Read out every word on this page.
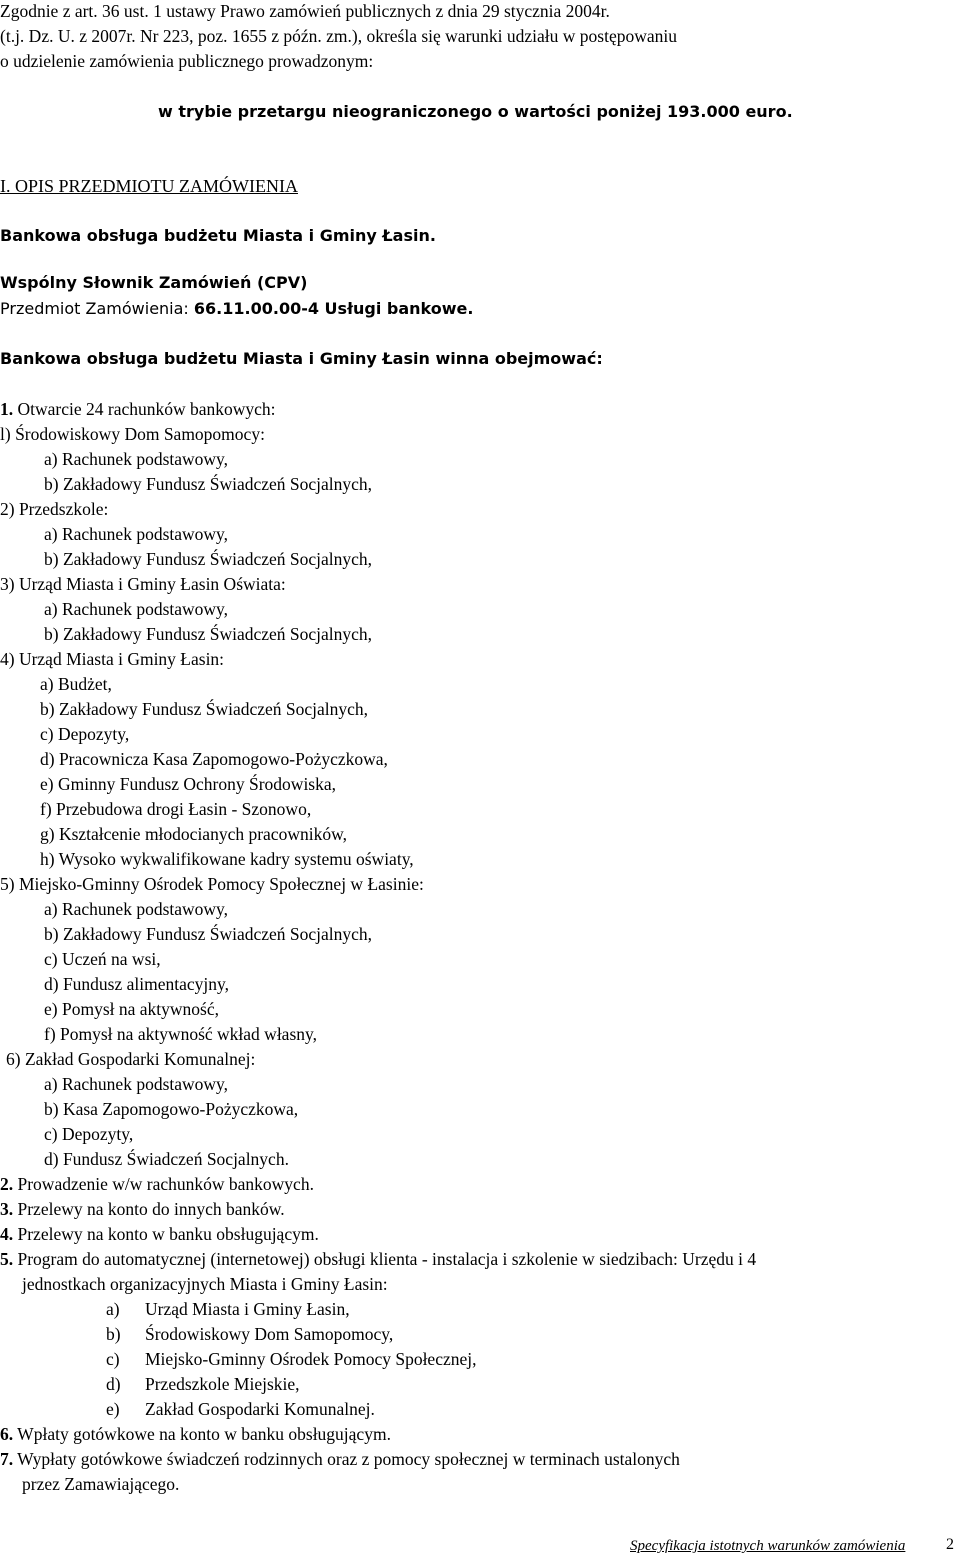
Zgodnie z art. 36 ust. 1 ustawy Prawo zamówień publicznych z dnia 29 stycznia 2004r.
(t.j. Dz. U. z 2007r. Nr 223, poz. 1655 z późn. zm.), określa się warunki udziału w postępowaniu
o udzielenie zamówienia publicznego prowadzonym:
w trybie przetargu nieograniczonego o wartości poniżej 193.000 euro.
I. OPIS PRZEDMIOTU ZAMÓWIENIA
Bankowa obsługa budżetu Miasta i Gminy Łasin.
Wspólny Słownik Zamówień (CPV)
Przedmiot Zamówienia: 66.11.00.00-4 Usługi bankowe.
Bankowa obsługa budżetu Miasta i Gminy Łasin winna obejmować:
1. Otwarcie 24 rachunków bankowych:
l) Środowiskowy Dom Samopomocy:
a) Rachunek podstawowy,
b) Zakładowy Fundusz Świadczeń Socjalnych,
2) Przedszkole:
a) Rachunek podstawowy,
b) Zakładowy Fundusz Świadczeń Socjalnych,
3) Urząd Miasta i Gminy Łasin Oświata:
a) Rachunek podstawowy,
b) Zakładowy Fundusz Świadczeń Socjalnych,
4) Urząd Miasta i Gminy Łasin:
a) Budżet,
b) Zakładowy Fundusz Świadczeń Socjalnych,
c) Depozyty,
d) Pracownicza Kasa Zapomogowo-Pożyczkowa,
e) Gminny Fundusz Ochrony Środowiska,
f) Przebudowa drogi Łasin - Szonowo,
g) Kształcenie młodocianych pracowników,
h) Wysoko wykwalifikowane kadry systemu oświaty,
5) Miejsko-Gminny Ośrodek Pomocy Społecznej w Łasinie:
a) Rachunek podstawowy,
b) Zakładowy Fundusz Świadczeń Socjalnych,
c) Uczeń na wsi,
d) Fundusz alimentacyjny,
e) Pomysł na aktywność,
f) Pomysł na aktywność wkład własny,
6) Zakład Gospodarki Komunalnej:
a) Rachunek podstawowy,
b) Kasa Zapomogowo-Pożyczkowa,
c) Depozyty,
d) Fundusz Świadczeń Socjalnych.
2. Prowadzenie w/w rachunków bankowych.
3. Przelewy na konto do innych banków.
4. Przelewy na konto w banku obsługującym.
5. Program do automatycznej (internetowej) obsługi klienta - instalacja i szkolenie w siedzibach: Urzędu i 4
jednostkach organizacyjnych Miasta i Gminy Łasin:
a) Urząd Miasta i Gminy Łasin,
b) Środowiskowy Dom Samopomocy,
c) Miejsko-Gminny Ośrodek Pomocy Społecznej,
d) Przedszkole Miejskie,
e) Zakład Gospodarki Komunalnej.
6. Wpłaty gotówkowe na konto w banku obsługującym.
7. Wypłaty gotówkowe świadczeń rodzinnych oraz z pomocy społecznej w terminach ustalonych
przez Zamawiającego.
Specyfikacja istotnych warunków zamówienia	2
